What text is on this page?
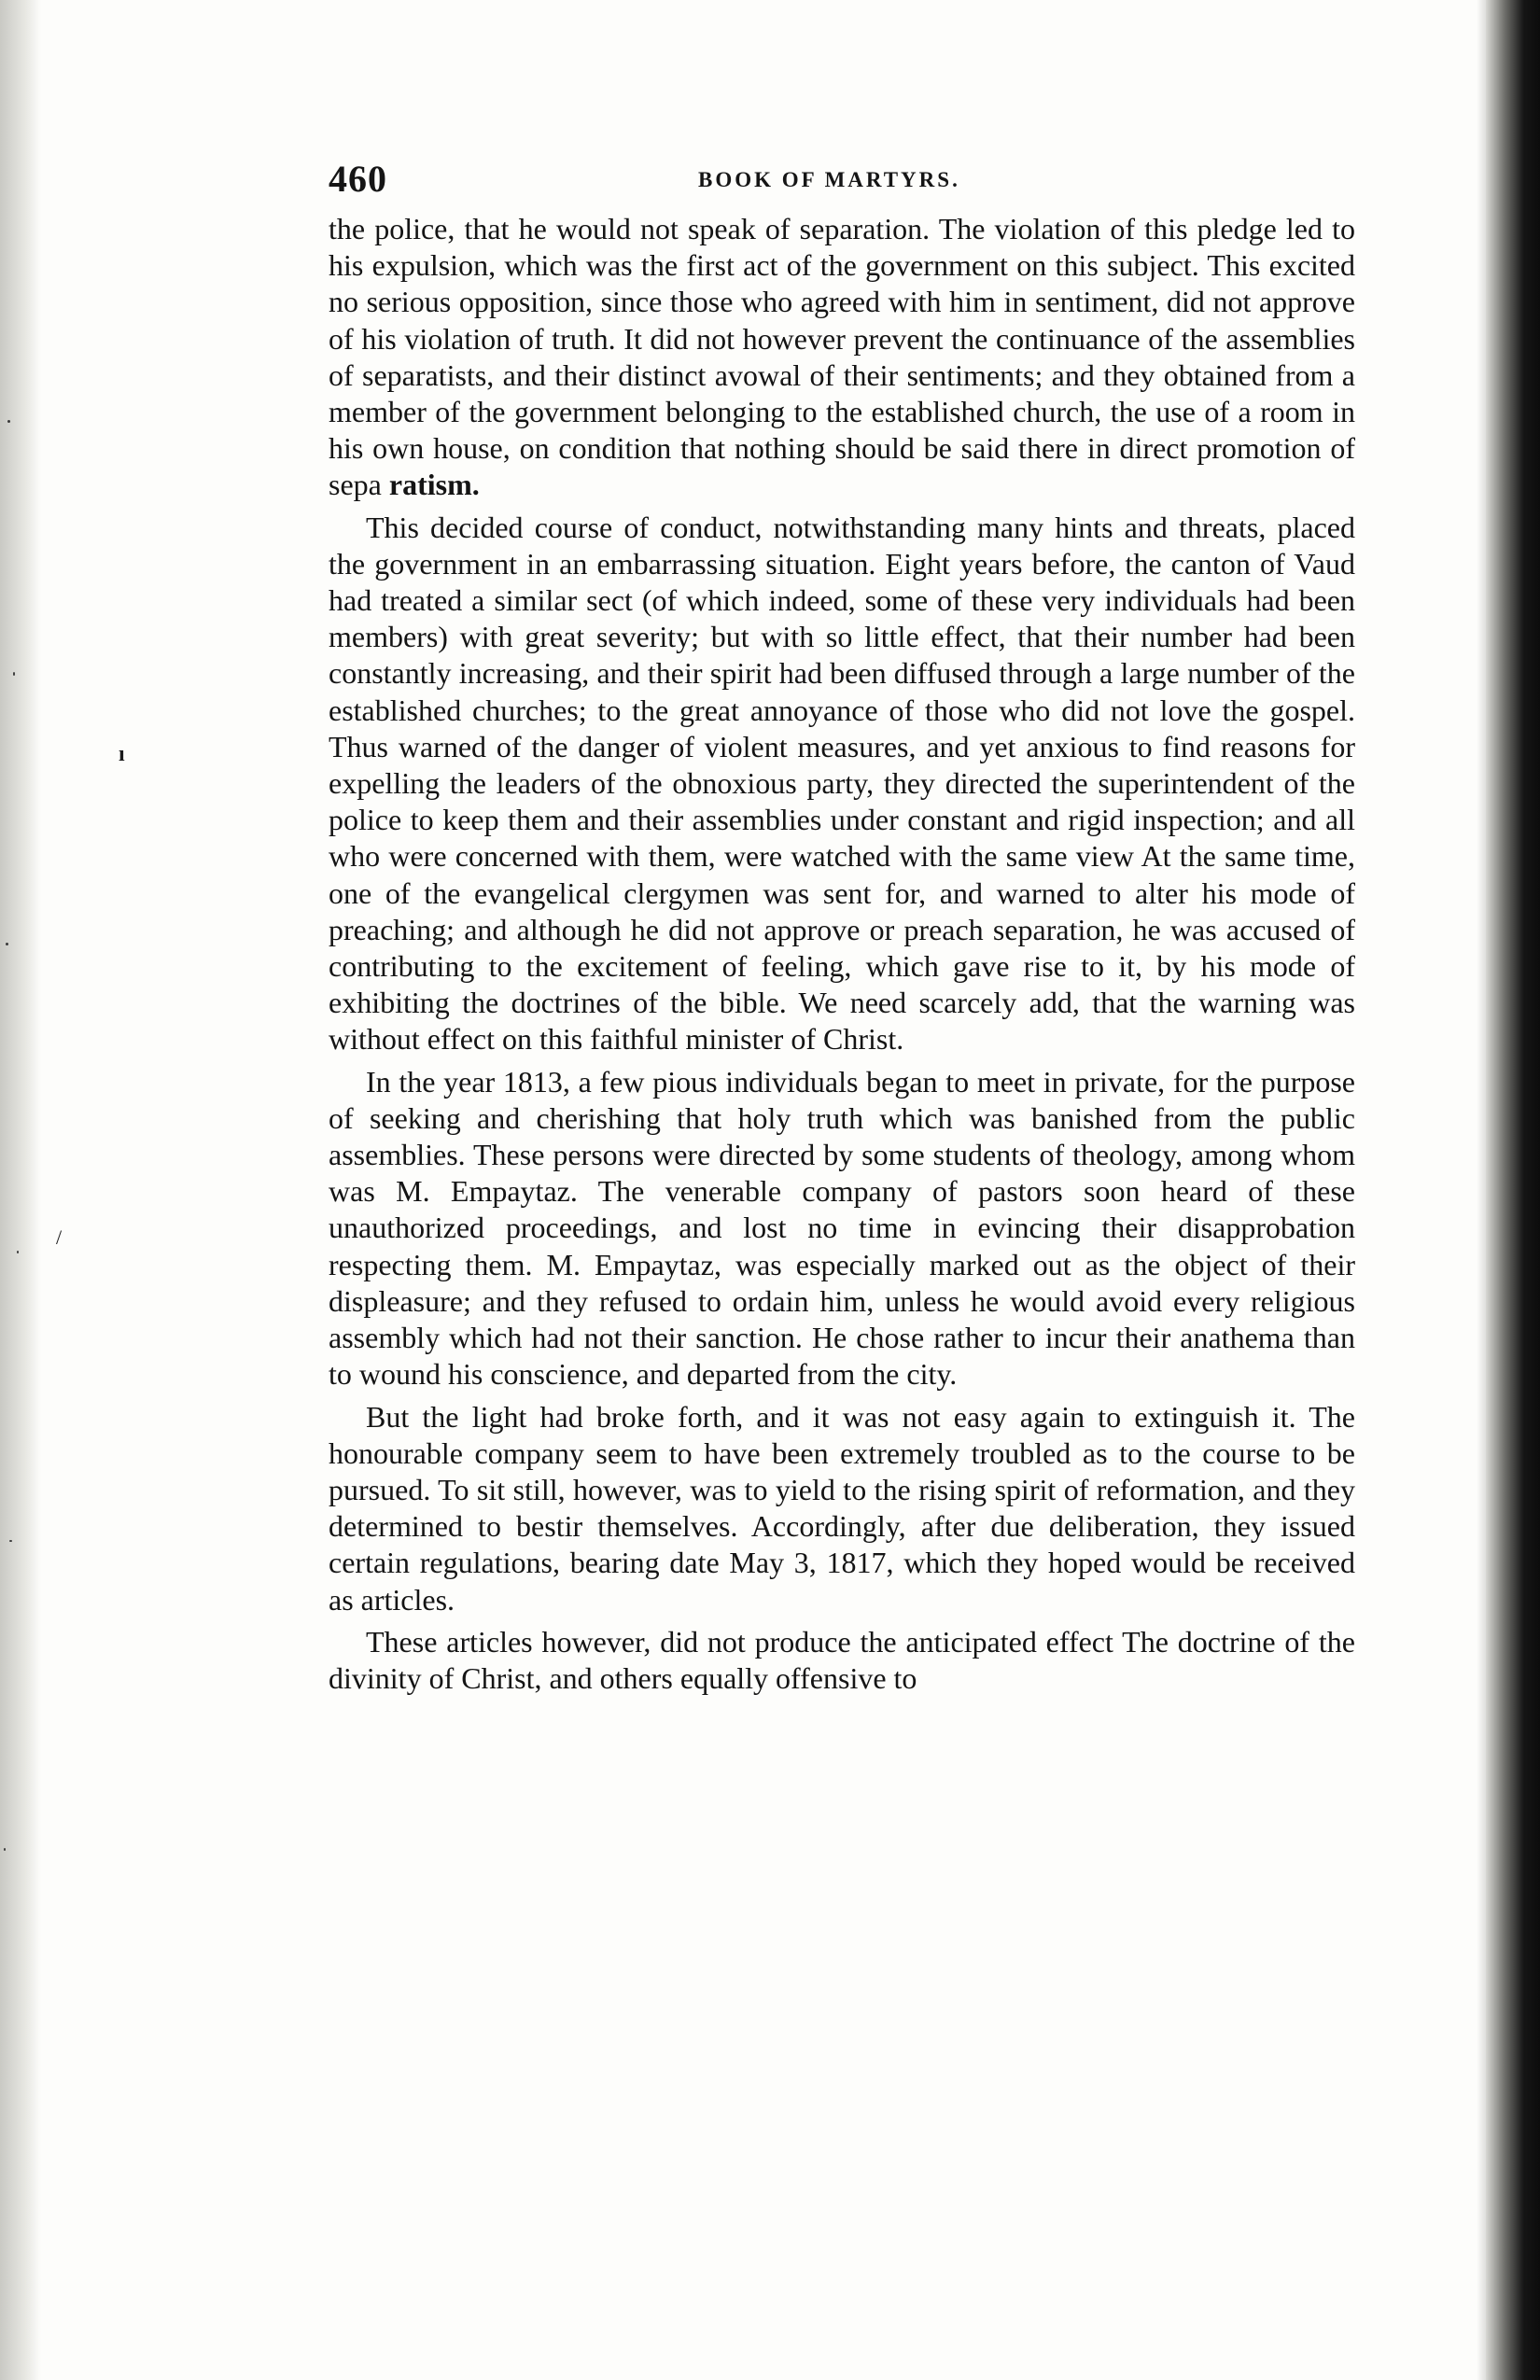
ı
/
460	BOOK OF MARTYRS.

the police, that he would not speak of separation. The violation of this pledge led to his expulsion, which was the first act of the government on this subject. This excited no serious opposition, since those who agreed with him in sentiment, did not approve of his violation of truth. It did not however prevent the continuance of the assemblies of separatists, and their distinct avowal of their sentiments; and they obtained from a member of the government belonging to the established church, the use of a room in his own house, on condition that nothing should be said there in direct promotion of sepa ratism.

This decided course of conduct, notwithstanding many hints and threats, placed the government in an embarrassing situation. Eight years before, the canton of Vaud had treated a similar sect (of which indeed, some of these very individuals had been members) with great severity; but with so little effect, that their number had been constantly increasing, and their spirit had been diffused through a large number of the established churches; to the great annoyance of those who did not love the gospel. Thus warned of the danger of violent measures, and yet anxious to find reasons for expelling the leaders of the obnoxious party, they directed the superintendent of the police to keep them and their assemblies under constant and rigid inspection; and all who were concerned with them, were watched with the same view At the same time, one of the evangelical clergymen was sent for, and warned to alter his mode of preaching; and although he did not approve or preach separation, he was accused of contributing to the excitement of feeling, which gave rise to it, by his mode of exhibiting the doctrines of the bible. We need scarcely add, that the warning was without effect on this faithful minister of Christ.

In the year 1813, a few pious individuals began to meet in private, for the purpose of seeking and cherishing that holy truth which was banished from the public assemblies. These persons were directed by some students of theology, among whom was M. Empaytaz. The venerable company of pastors soon heard of these unauthorized proceedings, and lost no time in evincing their disapprobation respecting them. M. Empaytaz, was especially marked out as the object of their displeasure; and they refused to ordain him, unless he would avoid every religious assembly which had not their sanction. He chose rather to incur their anathema than to wound his conscience, and departed from the city.

But the light had broke forth, and it was not easy again to extinguish it. The honourable company seem to have been extremely troubled as to the course to be pursued. To sit still, however, was to yield to the rising spirit of reformation, and they determined to bestir themselves. Accordingly, after due deliberation, they issued certain regulations, bearing date May 3, 1817, which they hoped would be received as articles.

These articles however, did not produce the anticipated effect The doctrine of the divinity of Christ, and others equally offensive to
